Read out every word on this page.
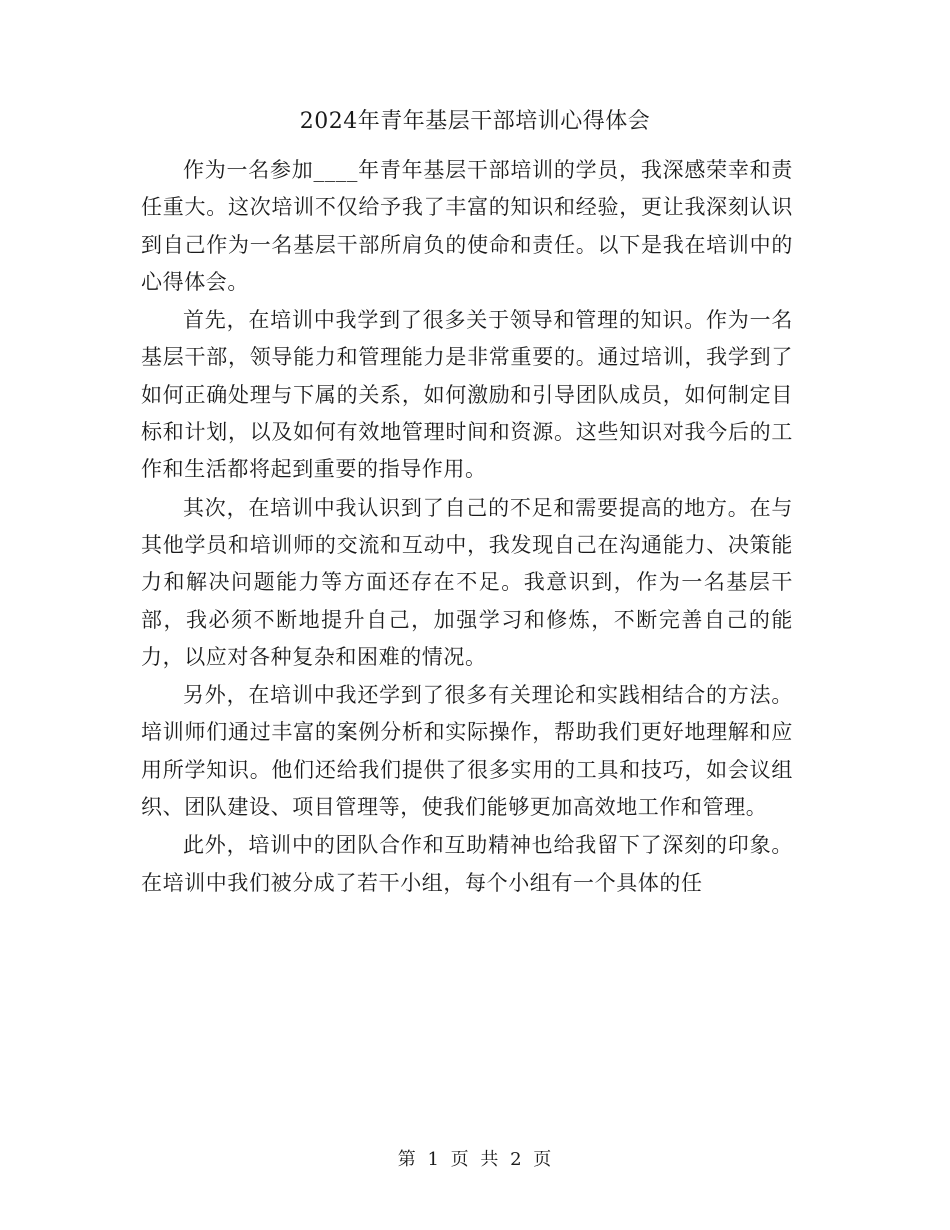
2024年青年基层干部培训心得体会

作为一名参加____年青年基层干部培训的学员，我深感荣幸和责任重大。这次培训不仅给予我了丰富的知识和经验，更让我深刻认识到自己作为一名基层干部所肩负的使命和责任。以下是我在培训中的心得体会。

首先，在培训中我学到了很多关于领导和管理的知识。作为一名基层干部，领导能力和管理能力是非常重要的。通过培训，我学到了如何正确处理与下属的关系，如何激励和引导团队成员，如何制定目标和计划，以及如何有效地管理时间和资源。这些知识对我今后的工作和生活都将起到重要的指导作用。

其次，在培训中我认识到了自己的不足和需要提高的地方。在与其他学员和培训师的交流和互动中，我发现自己在沟通能力、决策能力和解决问题能力等方面还存在不足。我意识到，作为一名基层干部，我必须不断地提升自己，加强学习和修炼，不断完善自己的能力，以应对各种复杂和困难的情况。

另外，在培训中我还学到了很多有关理论和实践相结合的方法。培训师们通过丰富的案例分析和实际操作，帮助我们更好地理解和应用所学知识。他们还给我们提供了很多实用的工具和技巧，如会议组织、团队建设、项目管理等，使我们能够更加高效地工作和管理。

此外，培训中的团队合作和互助精神也给我留下了深刻的印象。在培训中我们被分成了若干小组，每个小组有一个具体的任

第 1 页 共 2 页
